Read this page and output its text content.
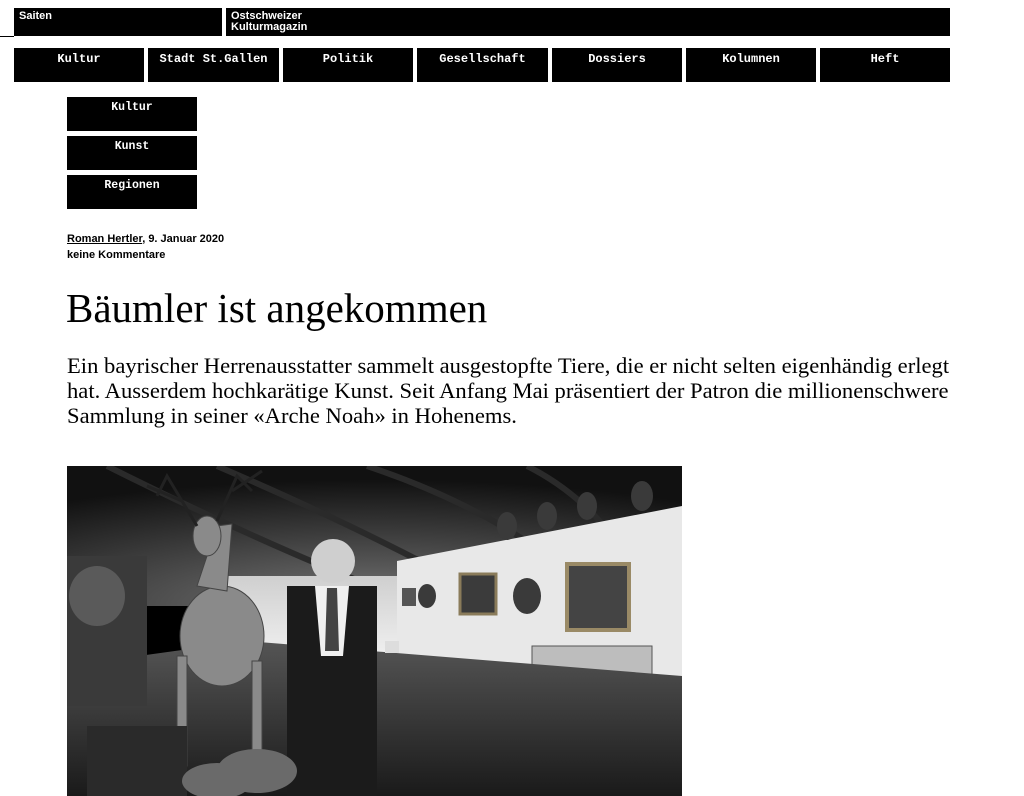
Saiten	Ostschweizer
Kulturmagazin
Kultur	Stadt St.Gallen	Politik	Gesellschaft	Dossiers	Kolumnen	Heft
Kultur
Kunst
Regionen
Roman Hertler, 9. Januar 2020
keine Kommentare
Bäumler ist angekommen

Ein bayrischer Herrenausstatter sammelt ausgestopfte Tiere, die er nicht selten eigenhändig erlegt hat. Ausserdem hochkarätige Kunst. Seit Anfang Mai präsentiert der Patron die millionenschwere Sammlung in seiner «Arche Noah» in Hohenems.
